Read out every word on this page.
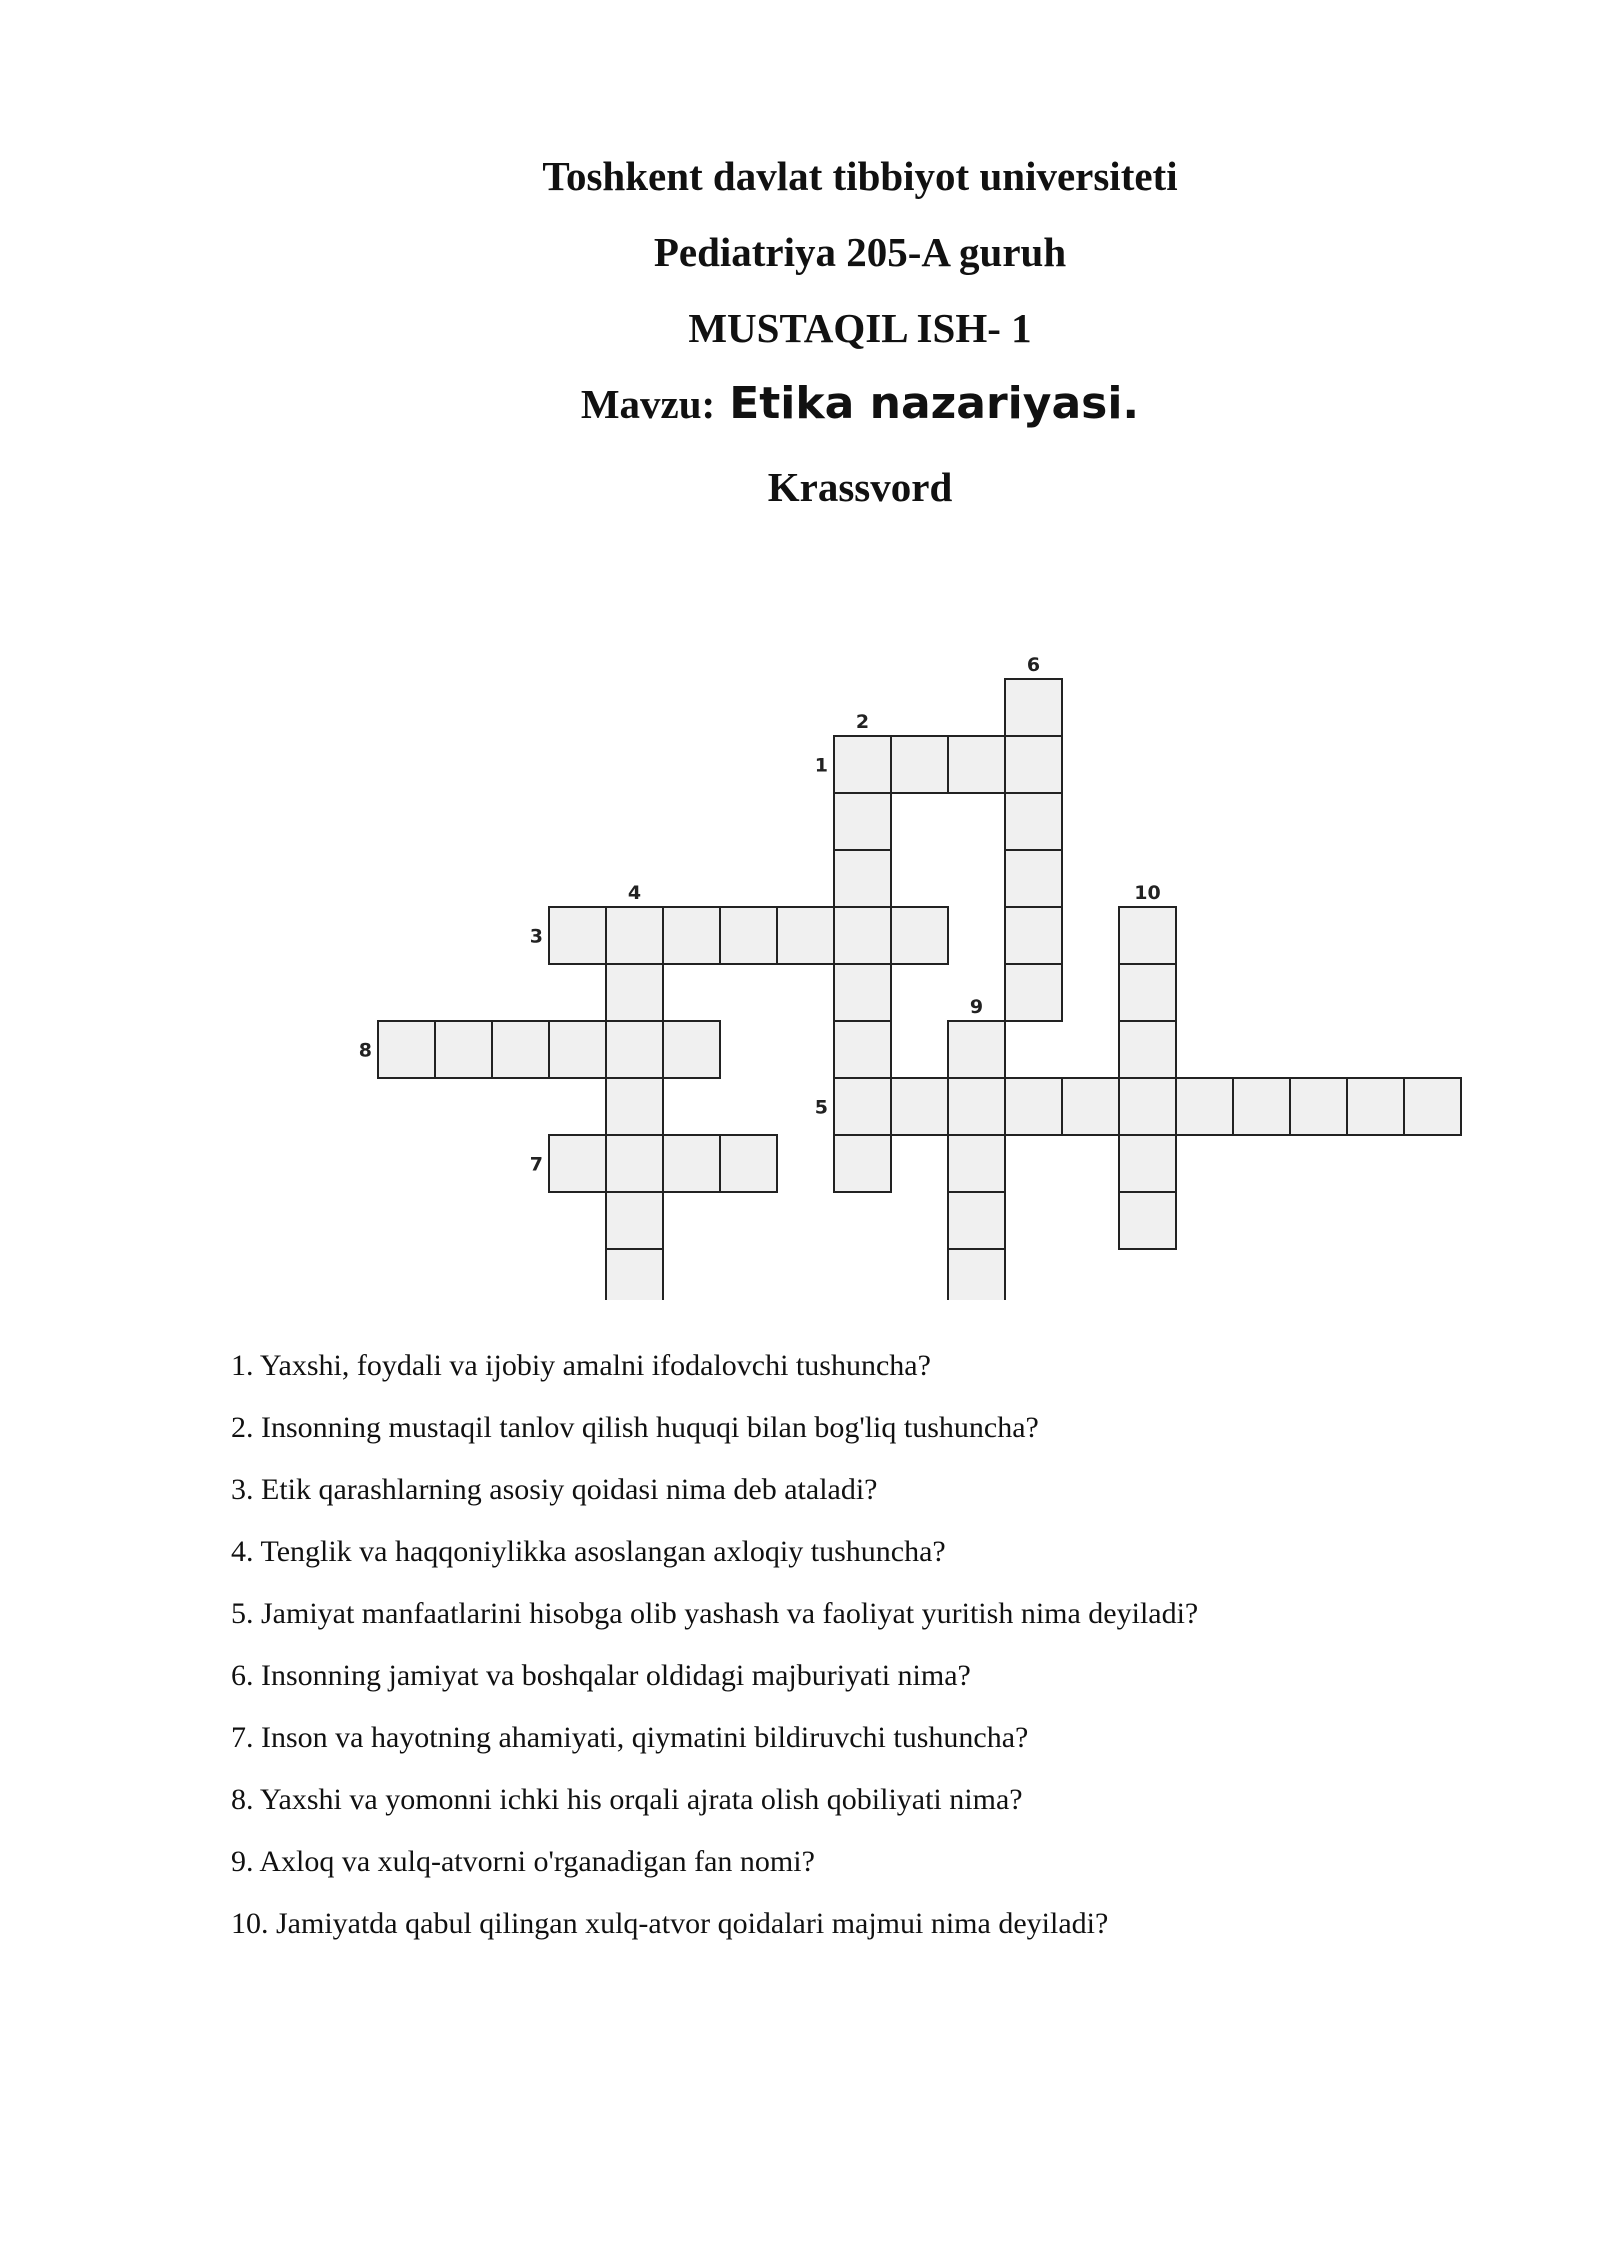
Toshkent davlat tibbiyot universiteti
Pediatriya 205-A guruh
MUSTAQIL ISH- 1
Mavzu: Etika nazariyasi.
Krassvord
1
2
3
4
5
6
7
8
9
10
1. Yaxshi, foydali va ijobiy amalni ifodalovchi tushuncha?
2. Insonning mustaqil tanlov qilish huquqi bilan bog'liq tushuncha?
3. Etik qarashlarning asosiy qoidasi nima deb ataladi?
4. Tenglik va haqqoniylikka asoslangan axloqiy tushuncha?
5. Jamiyat manfaatlarini hisobga olib yashash va faoliyat yuritish nima deyiladi?
6. Insonning jamiyat va boshqalar oldidagi majburiyati nima?
7. Inson va hayotning ahamiyati, qiymatini bildiruvchi tushuncha?
8. Yaxshi va yomonni ichki his orqali ajrata olish qobiliyati nima?
9. Axloq va xulq-atvorni o'rganadigan fan nomi?
10. Jamiyatda qabul qilingan xulq-atvor qoidalari majmui nima deyiladi?
